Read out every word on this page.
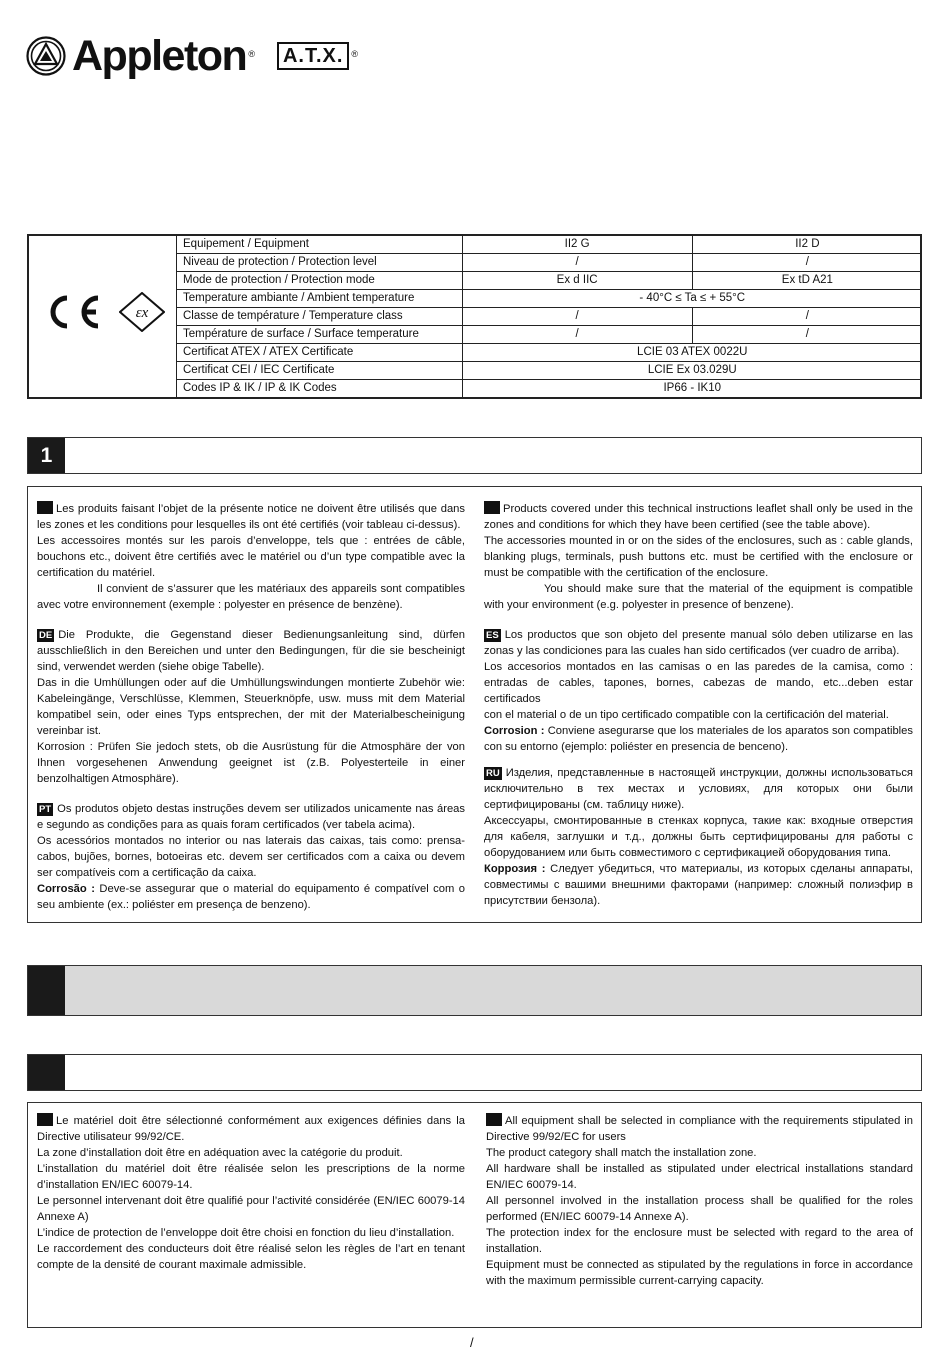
Appleton ®	A.T.X. ®
ɛx
Equipement / Equipment	II2 G	II2 D
Niveau de protection / Protection level	/	/
Mode de protection / Protection mode	Ex d IIC	Ex tD A21
Temperature ambiante / Ambient temperature	- 40°C ≤ Ta ≤ + 55°C	
Classe de température / Temperature class	/	/
Température de surface / Surface temperature	/	/
Certificat ATEX / ATEX Certificate	LCIE 03 ATEX 0022U	
Certificat CEI / IEC Certificate	LCIE Ex 03.029U	
Codes IP & IK / IP & IK Codes	IP66 - IK10	
1

Les produits faisant l’objet de la présente notice ne doivent être utilisés que dans les zones et les conditions pour lesquelles ils ont été certifiés (voir tableau ci-dessus).

Les accessoires montés sur les parois d’enveloppe, tels que : entrées de câble, bouchons etc., doivent être certifiés avec le matériel ou d’un type compatible avec la certification du matériel.

Il convient de s’assurer que les matériaux des appareils sont compatibles avec votre environnement (exemple : polyester en présence de benzène).

DE Die Produkte, die Gegenstand dieser Bedienungsanleitung sind, dürfen ausschließlich in den Bereichen und unter den Bedingungen, für die sie bescheinigt sind, verwendet werden (siehe obige Tabelle).

Das in die Umhüllungen oder auf die Umhüllungswindungen montierte Zubehör wie: Kabeleingänge, Verschlüsse, Klemmen, Steuerknöpfe, usw. muss mit dem Material kompatibel sein, oder eines Typs entsprechen, der mit der Materialbescheinigung vereinbar ist.

Korrosion : Prüfen Sie jedoch stets, ob die Ausrüstung für die Atmosphäre der von Ihnen vorgesehenen Anwendung geeignet ist (z.B. Polyesterteile in einer benzolhaltigen Atmosphäre).

PT Os produtos objeto destas instruções devem ser utilizados unicamente nas áreas e segundo as condições para as quais foram certificados (ver tabela acima).

Os acessórios montados no interior ou nas laterais das caixas, tais como: prensa-cabos, bujões, bornes, botoeiras etc. devem ser certificados com a caixa ou devem ser compatíveis com a certificação da caixa.

Corrosão : Deve-se assegurar que o material do equipamento é compatível com o seu ambiente (ex.: poliéster em presença de benzeno).

Products covered under this technical instructions leaflet shall only be used in the zones and conditions for which they have been certified (see the table above).

The accessories mounted in or on the sides of the enclosures, such as : cable glands, blanking plugs, terminals, push buttons etc. must be certified with the enclosure or must be compatible with the certification of the enclosure.

You should make sure that the material of the equipment is compatible with your environment (e.g. polyester in presence of benzene).

ES Los productos que son objeto del presente manual sólo deben utilizarse en las zonas y las condiciones para las cuales han sido certificados (ver cuadro de arriba).

Los accesorios montados en las camisas o en las paredes de la camisa, como : entradas de cables, tapones, bornes, cabezas de mando, etc...deben estar certificados

con el material o de un tipo certificado compatible con la certificación del material.

Corrosion : Conviene asegurarse que los materiales de los aparatos son compatibles con su entorno (ejemplo: poliéster en presencia de benceno).

RU Изделия, представленные в настоящей инструкции, должны использоваться исключительно в тех местах и условиях, для которых они были сертифицированы (см. таблицу ниже).

Аксессуары, смонтированные в стенках корпуса, такие как: входные отверстия для кабеля, заглушки и т.д., должны быть сертифицированы для работы с оборудованием или быть совместимого с сертификацией оборудования типа.

Коррозия : Следует убедиться, что материалы, из которых сделаны аппараты, совместимы с вашими внешними факторами (например: сложный полиэфир в присутствии бензола).

Le matériel doit être sélectionné conformément aux exigences définies dans la Directive utilisateur 99/92/CE.
La zone d’installation doit être en adéquation avec la catégorie du produit.
L’installation du matériel doit être réalisée selon les prescriptions de la norme d’installation EN/IEC 60079-14.
Le personnel intervenant doit être qualifié pour l’activité considérée (EN/IEC 60079-14 Annexe A)
L’indice de protection de l’enveloppe doit être choisi en fonction du lieu d’installation.
Le raccordement des conducteurs doit être réalisé selon les règles de l’art en tenant compte de la densité de courant maximale admissible.
All equipment shall be selected in compliance with the requirements stipulated in Directive 99/92/EC for users
The product category shall match the installation zone.
All hardware shall be installed as stipulated under electrical installations standard EN/IEC 60079-14.
All personnel involved in the installation process shall be qualified for the roles performed (EN/IEC 60079-14 Annexe A).
The protection index for the enclosure must be selected with regard to the area of installation.
Equipment must be connected as stipulated by the regulations in force in accordance with the maximum permissible current-carrying capacity.
/
